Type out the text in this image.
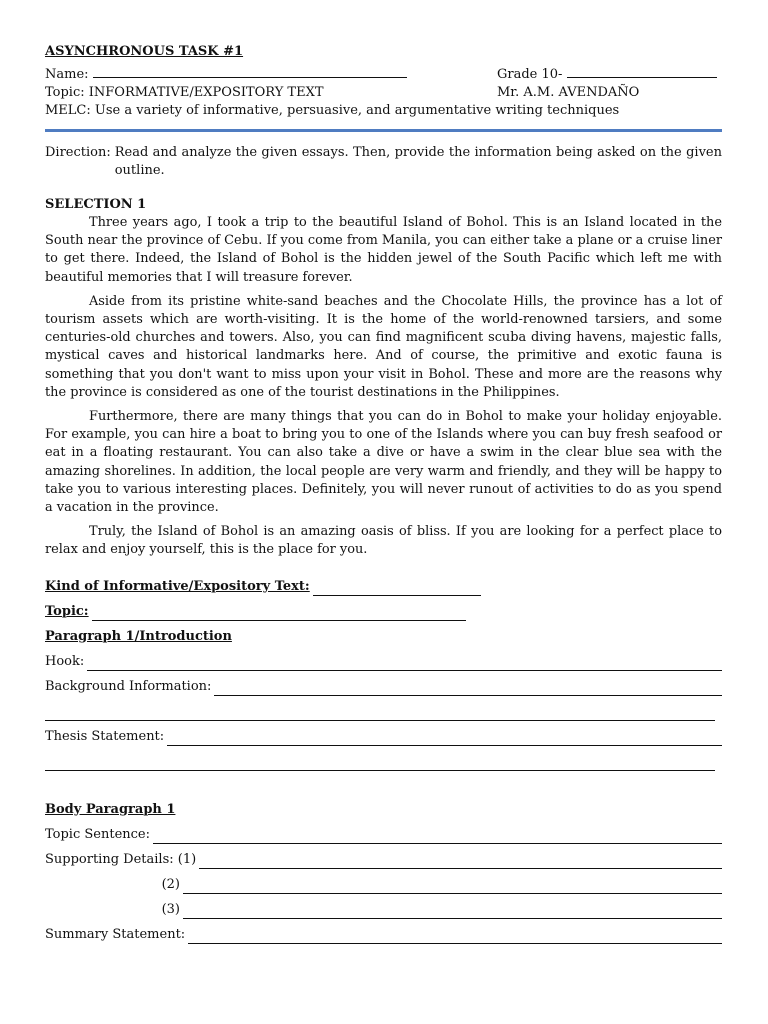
ASYNCHRONOUS TASK #1
Name:	Grade 10-
Topic: INFORMATIVE/EXPOSITORY TEXT	Mr. A.M. AVENDAÑO
MELC: Use a variety of informative, persuasive, and argumentative writing techniques
Direction: Read and analyze the given essays. Then, provide the information being asked on the given outline.
SELECTION 1

Three years ago, I took a trip to the beautiful Island of Bohol. This is an Island located in the South near the province of Cebu. If you come from Manila, you can either take a plane or a cruise liner to get there. Indeed, the Island of Bohol is the hidden jewel of the South Pacific which left me with beautiful memories that I will treasure forever.

Aside from its pristine white-sand beaches and the Chocolate Hills, the province has a lot of tourism assets which are worth-visiting. It is the home of the world-renowned tarsiers, and some centuries-old churches and towers. Also, you can find magnificent scuba diving havens, majestic falls, mystical caves and historical landmarks here. And of course, the primitive and exotic fauna is something that you don't want to miss upon your visit in Bohol. These and more are the reasons why the province is considered as one of the tourist destinations in the Philippines.

Furthermore, there are many things that you can do in Bohol to make your holiday enjoyable. For example, you can hire a boat to bring you to one of the Islands where you can buy fresh seafood or eat in a floating restaurant. You can also take a dive or have a swim in the clear blue sea with the amazing shorelines. In addition, the local people are very warm and friendly, and they will be happy to take you to various interesting places. Definitely, you will never runout of activities to do as you spend a vacation in the province.

Truly, the Island of Bohol is an amazing oasis of bliss. If you are looking for a perfect place to relax and enjoy yourself, this is the place for you.

Kind of Informative/Expository Text:
Topic:
Paragraph 1/Introduction
Hook:
Background Information:
Thesis Statement:
Body Paragraph 1
Topic Sentence:
Supporting Details: (1)
(2)
(3)
Summary Statement:
